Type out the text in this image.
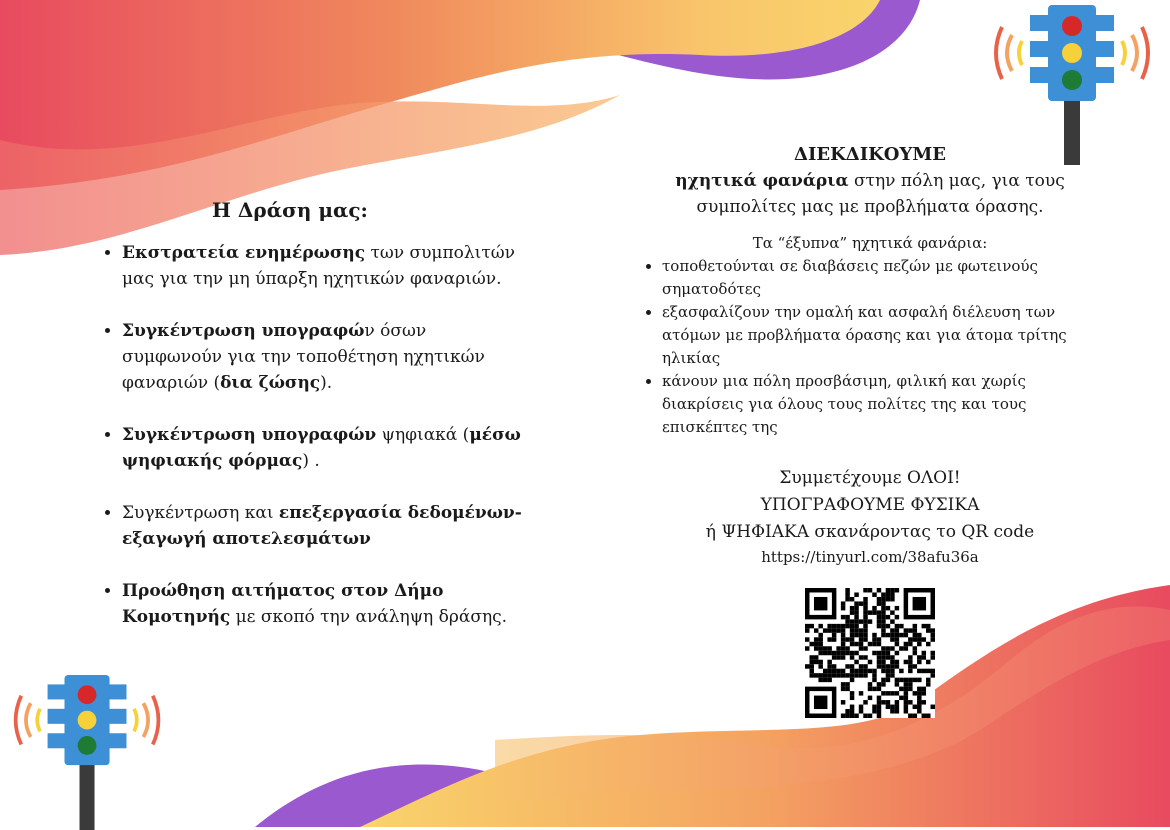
Η Δράση μας:
• Εκστρατεία ενημέρωσης των συμπολιτών μας για την μη ύπαρξη ηχητικών φαναριών.
• Συγκέντρωση υπογραφών όσων συμφωνούν για την τοποθέτηση ηχητικών φαναριών (δια ζώσης).
• Συγκέντρωση υπογραφών ψηφιακά (μέσω ψηφιακής φόρμας) .
• Συγκέντρωση και επεξεργασία δεδομένων-εξαγωγή αποτελεσμάτων
• Προώθηση αιτήματος στον Δήμο Κομοτηνής με σκοπό την ανάληψη δράσης.
ΔΙΕΚΔΙΚΟΥΜΕ
ηχητικά φανάρια στην πόλη μας, για τους συμπολίτες μας με προβλήματα όρασης.
Τα “έξυπνα” ηχητικά φανάρια:
• τοποθετούνται σε διαβάσεις πεζών με φωτεινούς σηματοδότες
• εξασφαλίζουν την ομαλή και ασφαλή διέλευση των ατόμων με προβλήματα όρασης και για άτομα τρίτης ηλικίας
• κάνουν μια πόλη προσβάσιμη, φιλική και χωρίς διακρίσεις για όλους τους πολίτες της και τους επισκέπτες της
Συμμετέχουμε ΟΛΟΙ!
ΥΠΟΓΡΑΦΟΥΜΕ ΦΥΣΙΚΑ
ή ΨΗΦΙΑΚΑ σκανάροντας το QR code
https://tinyurl.com/38afu36a
